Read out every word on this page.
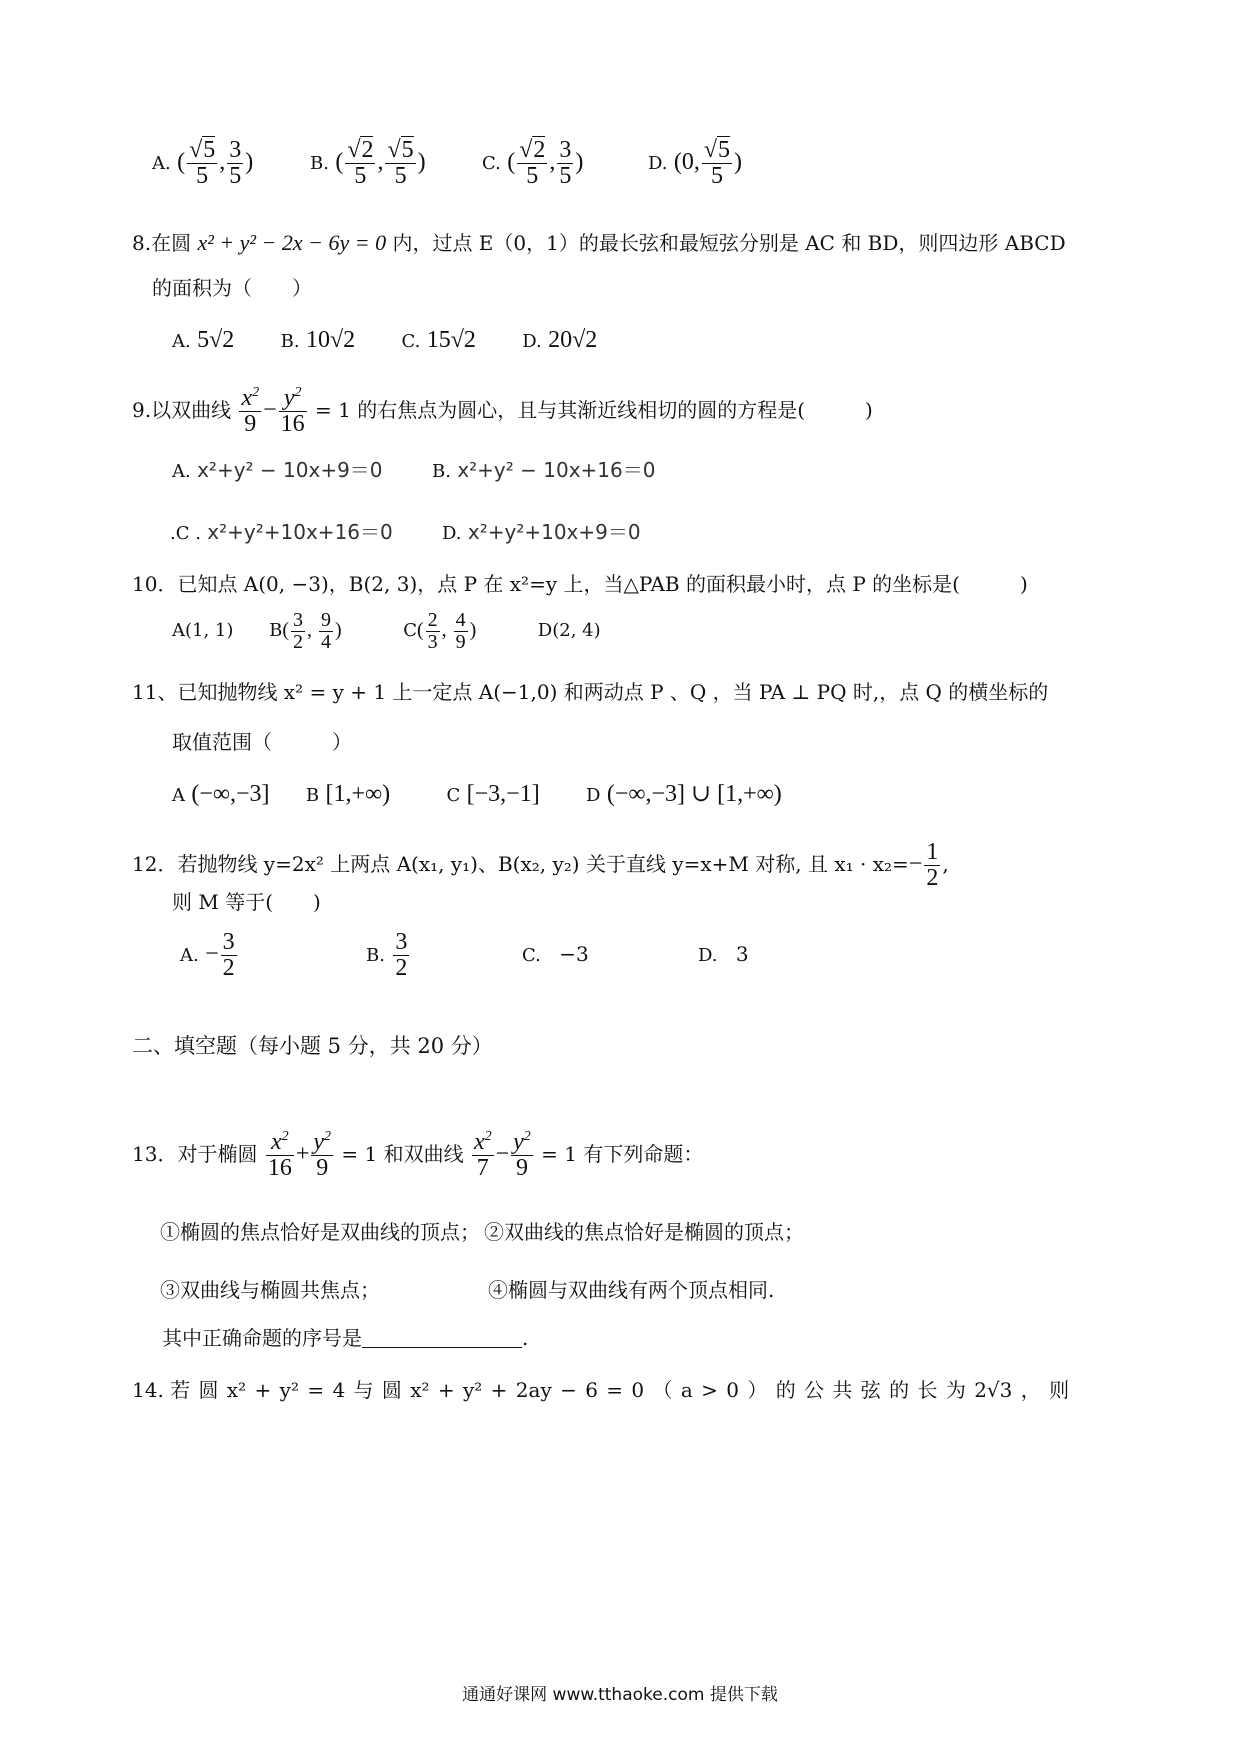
A. ( $\frac{√5}{5}$ , $\frac{3}{5}$ )	B. ( $\frac{√2}{5}$ , $\frac{√5}{5}$ )	C. ( $\frac{√2}{5}$ , $\frac{3}{5}$ )	D. (0, $\frac{√5}{5}$ )
8.在圆 x² + y² − 2x − 6y = 0 内，过点 E（0，1）的最长弦和最短弦分别是 AC 和 BD，则四边形 ABCD
的面积为（　　）
A. 5√2	B. 10√2	C. 15√2	D. 20√2
9.以双曲线 $\frac{x^2}{9} - \frac{y^2}{16} = 1$ 的右焦点为圆心，且与其渐近线相切的圆的方程是(　　　)
A. x²+y² − 10x+9＝0	B. x²+y² − 10x+16＝0
.C . x²+y²+10x+16＝0	D. x²+y²+10x+9＝0
10．已知点 A(0, −3)，B(2, 3)，点 P 在 x²=y 上，当△PAB 的面积最小时，点 P 的坐标是(　　　)
A(1, 1) $B( \frac{3}{2}$ , $\frac{9}{4}$ )	$C( \frac{2}{3}$ , $\frac{4}{9}$ )	D(2, 4)
11、已知抛物线 x² = y + 1 上一定点 A(−1,0) 和两动点 P 、Q ，当 PA ⊥ PQ 时,，点 Q 的横坐标的
取值范围（　　　）
A (−∞,−3] B [1,+∞)	C [−3,−1]	D (−∞,−3] ∪ [1,+∞)
12．若抛物线 y=2x² 上两点 A(x₁, y₁)、B(x₂, y₂) 关于直线 y=x+M 对称, 且 $x_1 \cdot x_2=- \frac{1}{2}$ ,
则 M 等于(　　)
A. − $\frac{3}{2}$	B. $\frac{3}{2}$	C. −3	D. 3
二、填空题（每小题 5 分，共 20 分）
13．对于椭圆 $\frac{x^2}{16} + \frac{y^2}{9} = 1$ 和双曲线 $\frac{x^2}{7} - \frac{y^2}{9} = 1$ 有下列命题：
①椭圆的焦点恰好是双曲线的顶点； ②双曲线的焦点恰好是椭圆的顶点；
③双曲线与椭圆共焦点；	④椭圆与双曲线有两个顶点相同.
其中正确命题的序号是	.
14. 若 圆 x² + y² = 4 与 圆 x² + y² + 2ay − 6 = 0 （ a > 0 ） 的 公 共 弦 的 长 为 2√3 ， 则
通通好课网 www.tthaoke.com 提供下载
